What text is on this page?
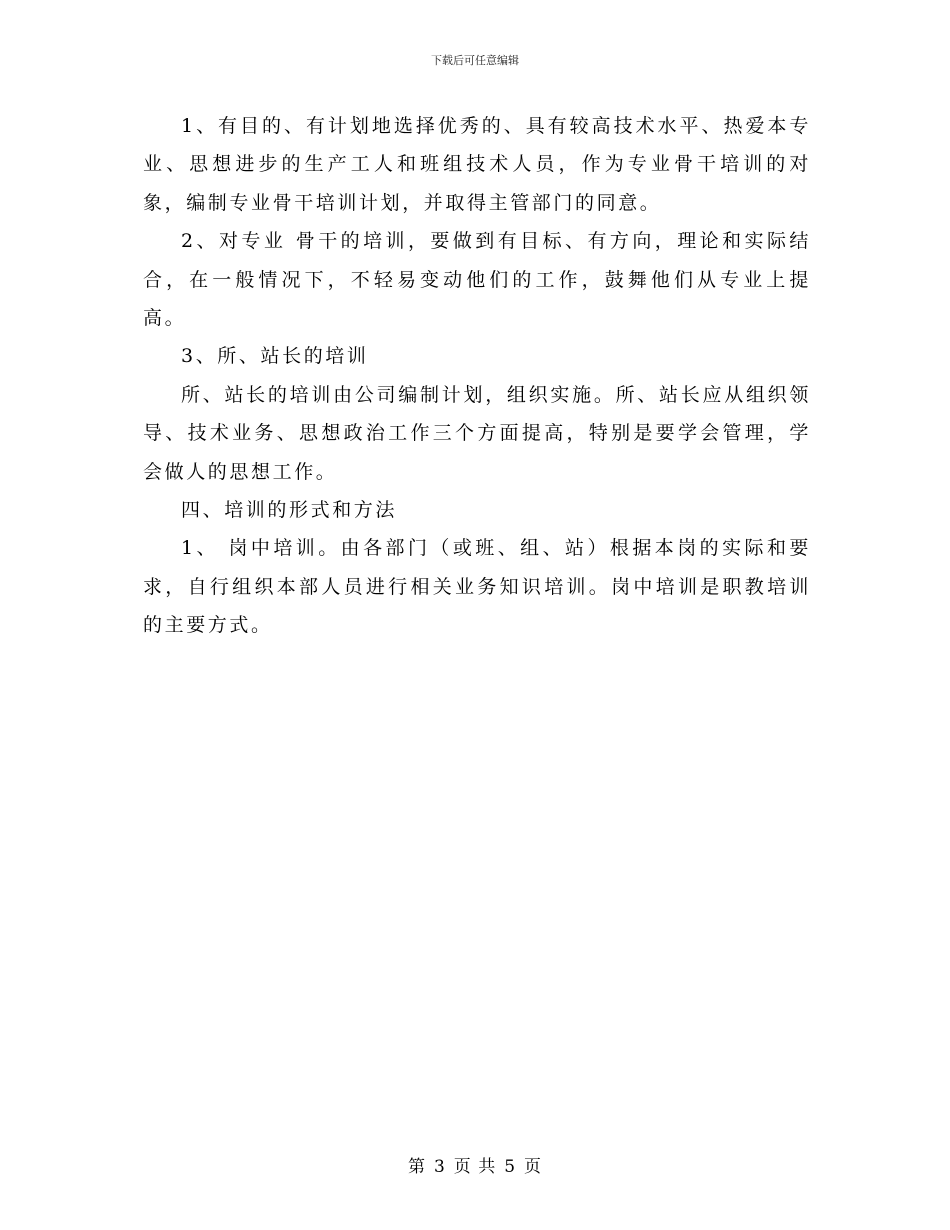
下载后可任意编辑

1、有目的、有计划地选择优秀的、具有较高技术水平、热爱本专业、思想进步的生产工人和班组技术人员，作为专业骨干培训的对象，编制专业骨干培训计划，并取得主管部门的同意。

2、对专业 骨干的培训，要做到有目标、有方向，理论和实际结合，在一般情况下，不轻易变动他们的工作，鼓舞他们从专业上提高。

3、所、站长的培训

所、站长的培训由公司编制计划，组织实施。所、站长应从组织领导、技术业务、思想政治工作三个方面提高，特别是要学会管理，学会做人的思想工作。

四、培训的形式和方法

1、 岗中培训。由各部门（或班、组、站）根据本岗的实际和要求，自行组织本部人员进行相关业务知识培训。岗中培训是职教培训的主要方式。

第 3 页 共 5 页
